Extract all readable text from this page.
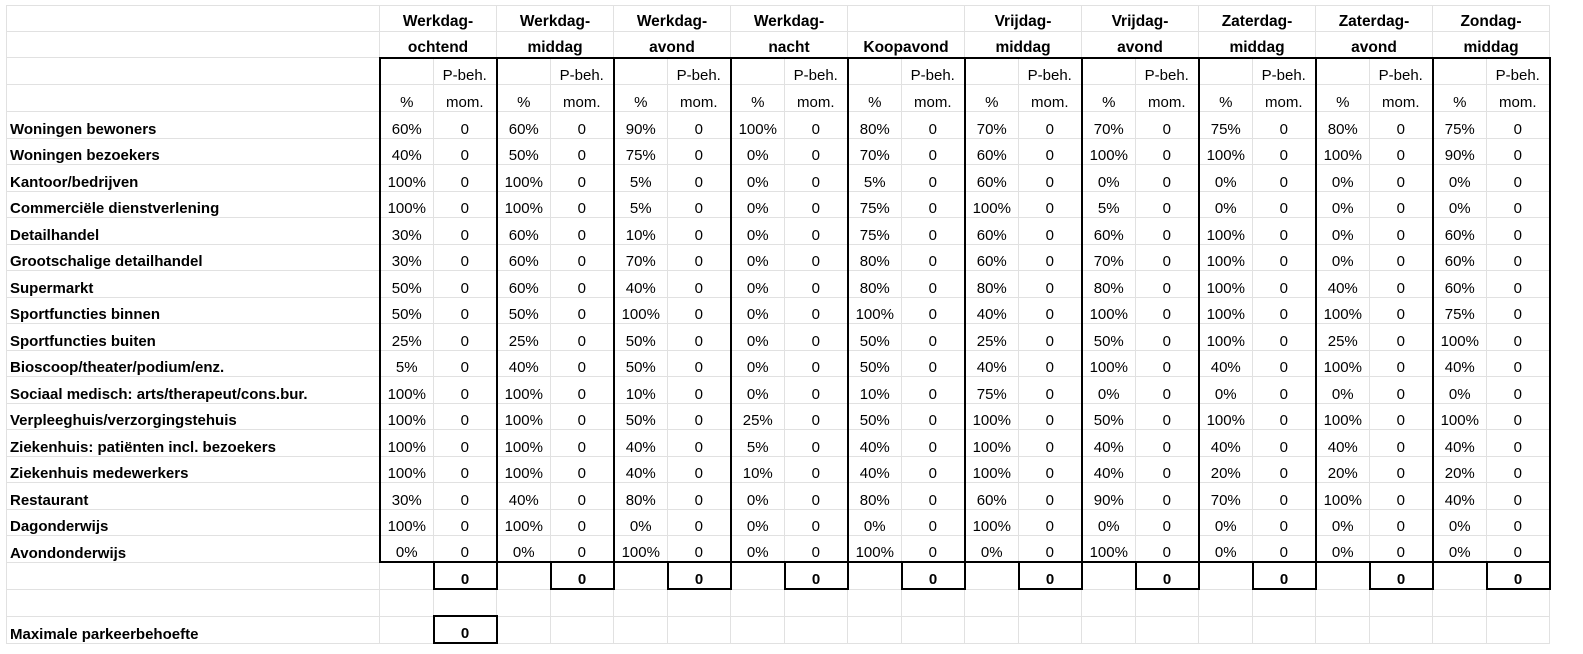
	Werkdag-		Werkdag-		Werkdag-		Werkdag-				Vrijdag-		Vrijdag-		Zaterdag-		Zaterdag-		Zondag-	
	ochtend		middag		avond		nacht		Koopavond		middag		avond		middag		avond		middag	
		P-beh.		P-beh.		P-beh.		P-beh.		P-beh.		P-beh.		P-beh.		P-beh.		P-beh.		P-beh.
	%	mom.	%	mom.	%	mom.	%	mom.	%	mom.	%	mom.	%	mom.	%	mom.	%	mom.	%	mom.
Woningen bewoners	60%	0	60%	0	90%	0	100%	0	80%	0	70%	0	70%	0	75%	0	80%	0	75%	0
Woningen bezoekers	40%	0	50%	0	75%	0	0%	0	70%	0	60%	0	100%	0	100%	0	100%	0	90%	0
Kantoor/bedrijven	100%	0	100%	0	5%	0	0%	0	5%	0	60%	0	0%	0	0%	0	0%	0	0%	0
Commerciële dienstverlening	100%	0	100%	0	5%	0	0%	0	75%	0	100%	0	5%	0	0%	0	0%	0	0%	0
Detailhandel	30%	0	60%	0	10%	0	0%	0	75%	0	60%	0	60%	0	100%	0	0%	0	60%	0
Grootschalige detailhandel	30%	0	60%	0	70%	0	0%	0	80%	0	60%	0	70%	0	100%	0	0%	0	60%	0
Supermarkt	50%	0	60%	0	40%	0	0%	0	80%	0	80%	0	80%	0	100%	0	40%	0	60%	0
Sportfuncties binnen	50%	0	50%	0	100%	0	0%	0	100%	0	40%	0	100%	0	100%	0	100%	0	75%	0
Sportfuncties buiten	25%	0	25%	0	50%	0	0%	0	50%	0	25%	0	50%	0	100%	0	25%	0	100%	0
Bioscoop/theater/podium/enz.	5%	0	40%	0	50%	0	0%	0	50%	0	40%	0	100%	0	40%	0	100%	0	40%	0
Sociaal medisch: arts/therapeut/cons.bur.	100%	0	100%	0	10%	0	0%	0	10%	0	75%	0	0%	0	0%	0	0%	0	0%	0
Verpleeghuis/verzorgingstehuis	100%	0	100%	0	50%	0	25%	0	50%	0	100%	0	50%	0	100%	0	100%	0	100%	0
Ziekenhuis: patiënten incl. bezoekers	100%	0	100%	0	40%	0	5%	0	40%	0	100%	0	40%	0	40%	0	40%	0	40%	0
Ziekenhuis medewerkers	100%	0	100%	0	40%	0	10%	0	40%	0	100%	0	40%	0	20%	0	20%	0	20%	0
Restaurant	30%	0	40%	0	80%	0	0%	0	80%	0	60%	0	90%	0	70%	0	100%	0	40%	0
Dagonderwijs	100%	0	100%	0	0%	0	0%	0	0%	0	100%	0	0%	0	0%	0	0%	0	0%	0
Avondonderwijs	0%	0	0%	0	100%	0	0%	0	100%	0	0%	0	100%	0	0%	0	0%	0	0%	0
		0		0		0		0		0		0		0		0		0		0

Maximale parkeerbehoefte		0																		
